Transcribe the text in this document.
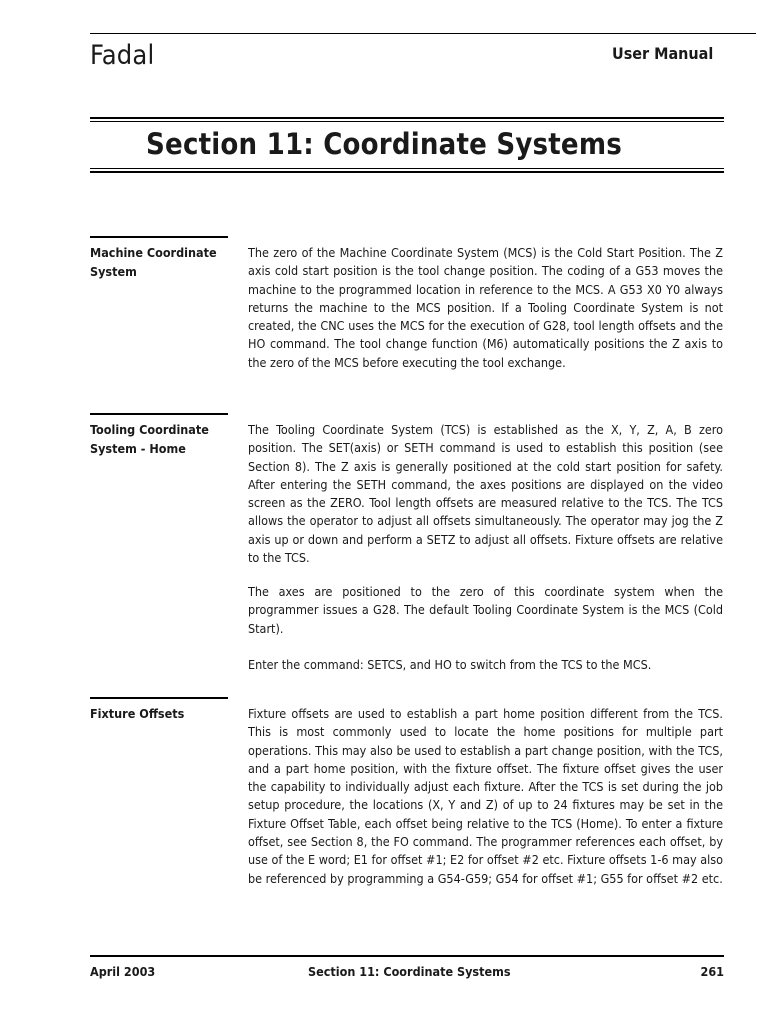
Fadal	User Manual
Section 11: Coordinate Systems
Machine Coordinate System

The zero of the Machine Coordinate System (MCS) is the Cold Start Position. The Z axis cold start position is the tool change position. The coding of a G53 moves the machine to the programmed location in reference to the MCS. A G53 X0 Y0 always returns the machine to the MCS position. If a Tooling Coordinate System is not created, the CNC uses the MCS for the execution of G28, tool length offsets and the HO command. The tool change function (M6) automatically positions the Z axis to the zero of the MCS before executing the tool exchange.

Tooling Coordinate System - Home

The Tooling Coordinate System (TCS) is established as the X, Y, Z, A, B zero position. The SET(axis) or SETH command is used to establish this position (see Section 8). The Z axis is generally positioned at the cold start position for safety. After entering the SETH command, the axes positions are displayed on the video screen as the ZERO. Tool length offsets are measured relative to the TCS. The TCS allows the operator to adjust all offsets simultaneously. The operator may jog the Z axis up or down and perform a SETZ to adjust all offsets. Fixture offsets are relative to the TCS.

The axes are positioned to the zero of this coordinate system when the programmer issues a G28. The default Tooling Coordinate System is the MCS (Cold Start).

Enter the command: SETCS, and HO to switch from the TCS to the MCS.

Fixture Offsets	Fixture offsets are used to establish a part home position different from the TCS. This is most commonly used to locate the home positions for multiple part operations. This may also be used to establish a part change position, with the TCS, and a part home position, with the fixture offset. The fixture offset gives the user the capability to individually adjust each fixture. After the TCS is set during the job setup procedure, the locations (X, Y and Z) of up to 24 fixtures may be set in the Fixture Offset Table, each offset being relative to the TCS (Home). To enter a fixture offset, see Section 8, the FO command. The programmer references each offset, by use of the E word; E1 for offset #1; E2 for offset #2 etc. Fixture offsets 1-6 may also be referenced by programming a G54-G59; G54 for offset #1; G55 for offset #2 etc.

April 2003	Section 11: Coordinate Systems	261
